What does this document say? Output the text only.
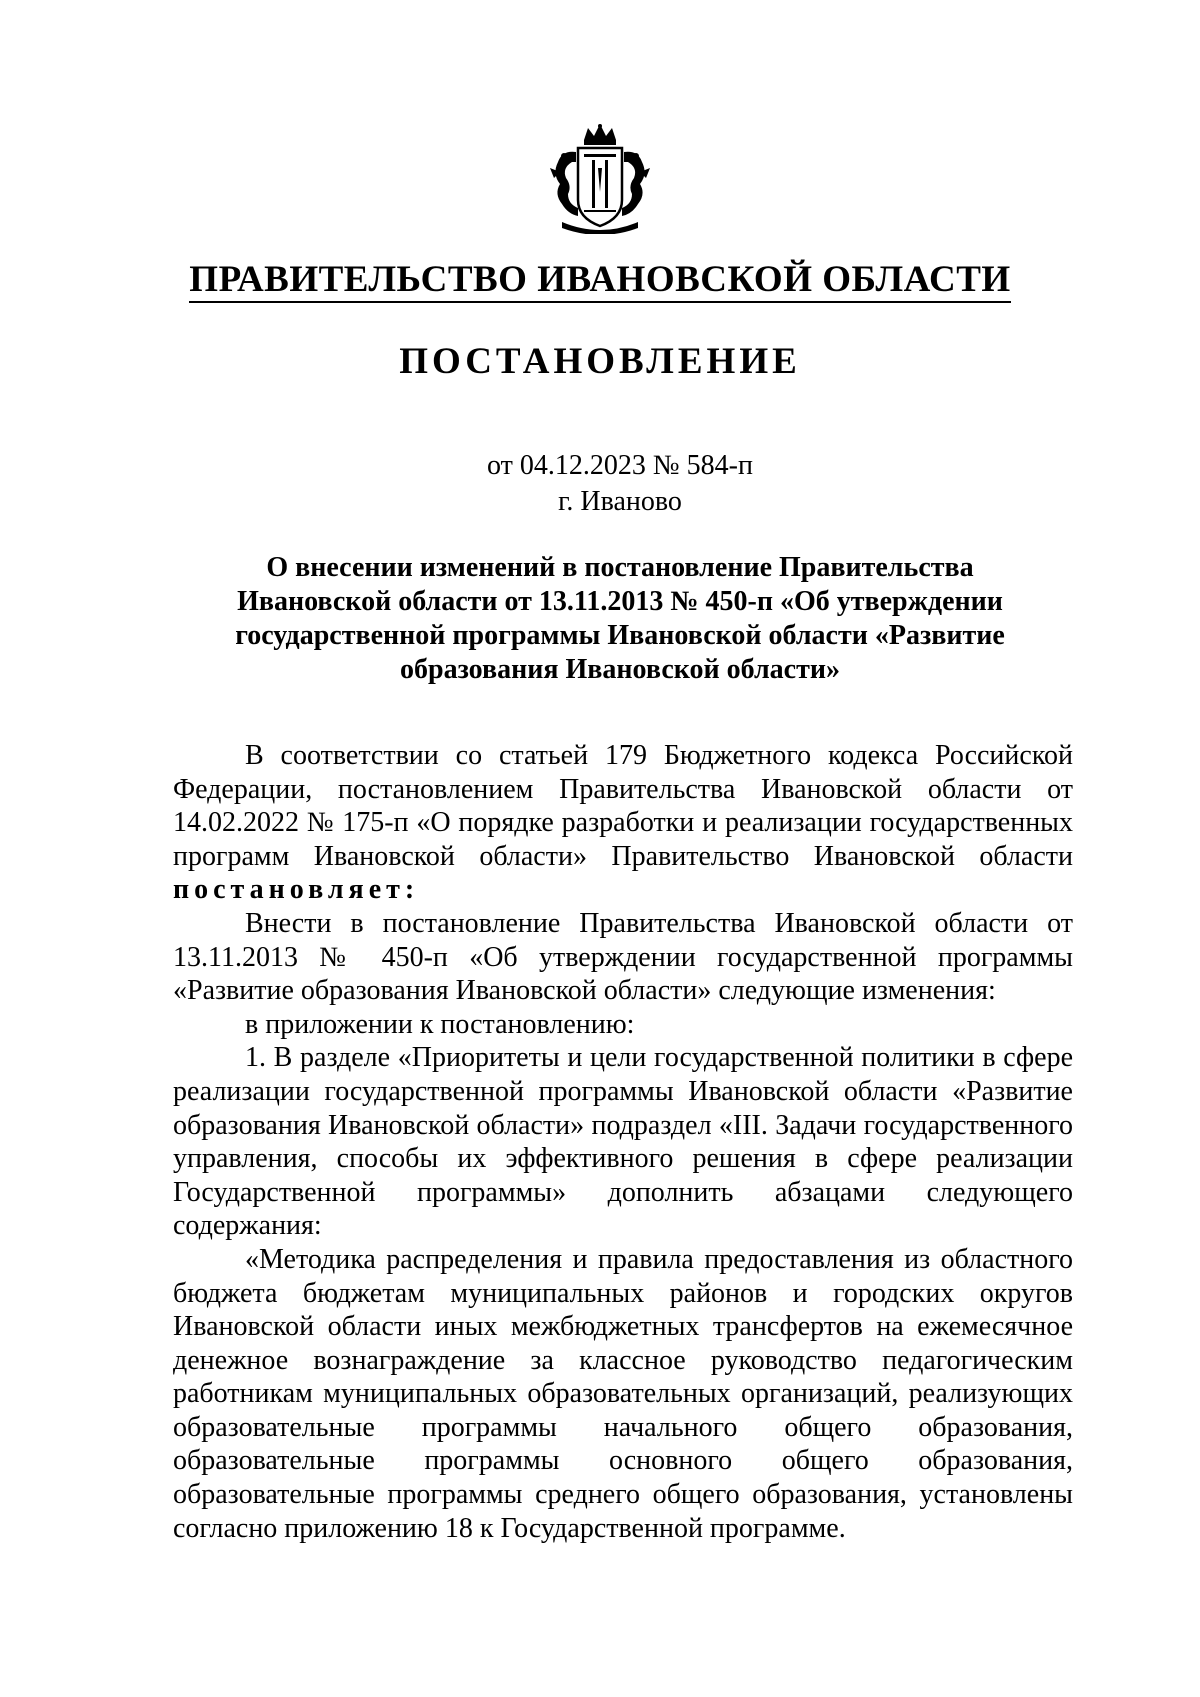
ПРАВИТЕЛЬСТВО ИВАНОВСКОЙ ОБЛАСТИ
ПОСТАНОВЛЕНИЕ
от 04.12.2023 № 584-п
г. Иваново
О внесении изменений в постановление Правительства
Ивановской области от 13.11.2013 № 450-п «Об утверждении
государственной программы Ивановской области «Развитие
образования Ивановской области»

В соответствии со статьей 179 Бюджетного кодекса Российской Федерации, постановлением Правительства Ивановской области от 14.02.2022 № 175-п «О порядке разработки и реализации государственных программ Ивановской области» Правительство Ивановской области постановляет:

Внести в постановление Правительства Ивановской области от 13.11.2013 № 450-п «Об утверждении государственной программы «Развитие образования Ивановской области» следующие изменения:

в приложении к постановлению:

1. В разделе «Приоритеты и цели государственной политики в сфере реализации государственной программы Ивановской области «Развитие образования Ивановской области» подраздел «III. Задачи государственного управления, способы их эффективного решения в сфере реализации Государственной программы» дополнить абзацами следующего содержания:

«Методика распределения и правила предоставления из областного бюджета бюджетам муниципальных районов и городских округов Ивановской области иных межбюджетных трансфертов на ежемесячное денежное вознаграждение за классное руководство педагогическим работникам муниципальных образовательных организаций, реализующих образовательные программы начального общего образования, образовательные программы основного общего образования, образовательные программы среднего общего образования, установлены согласно приложению 18 к Государственной программе.
